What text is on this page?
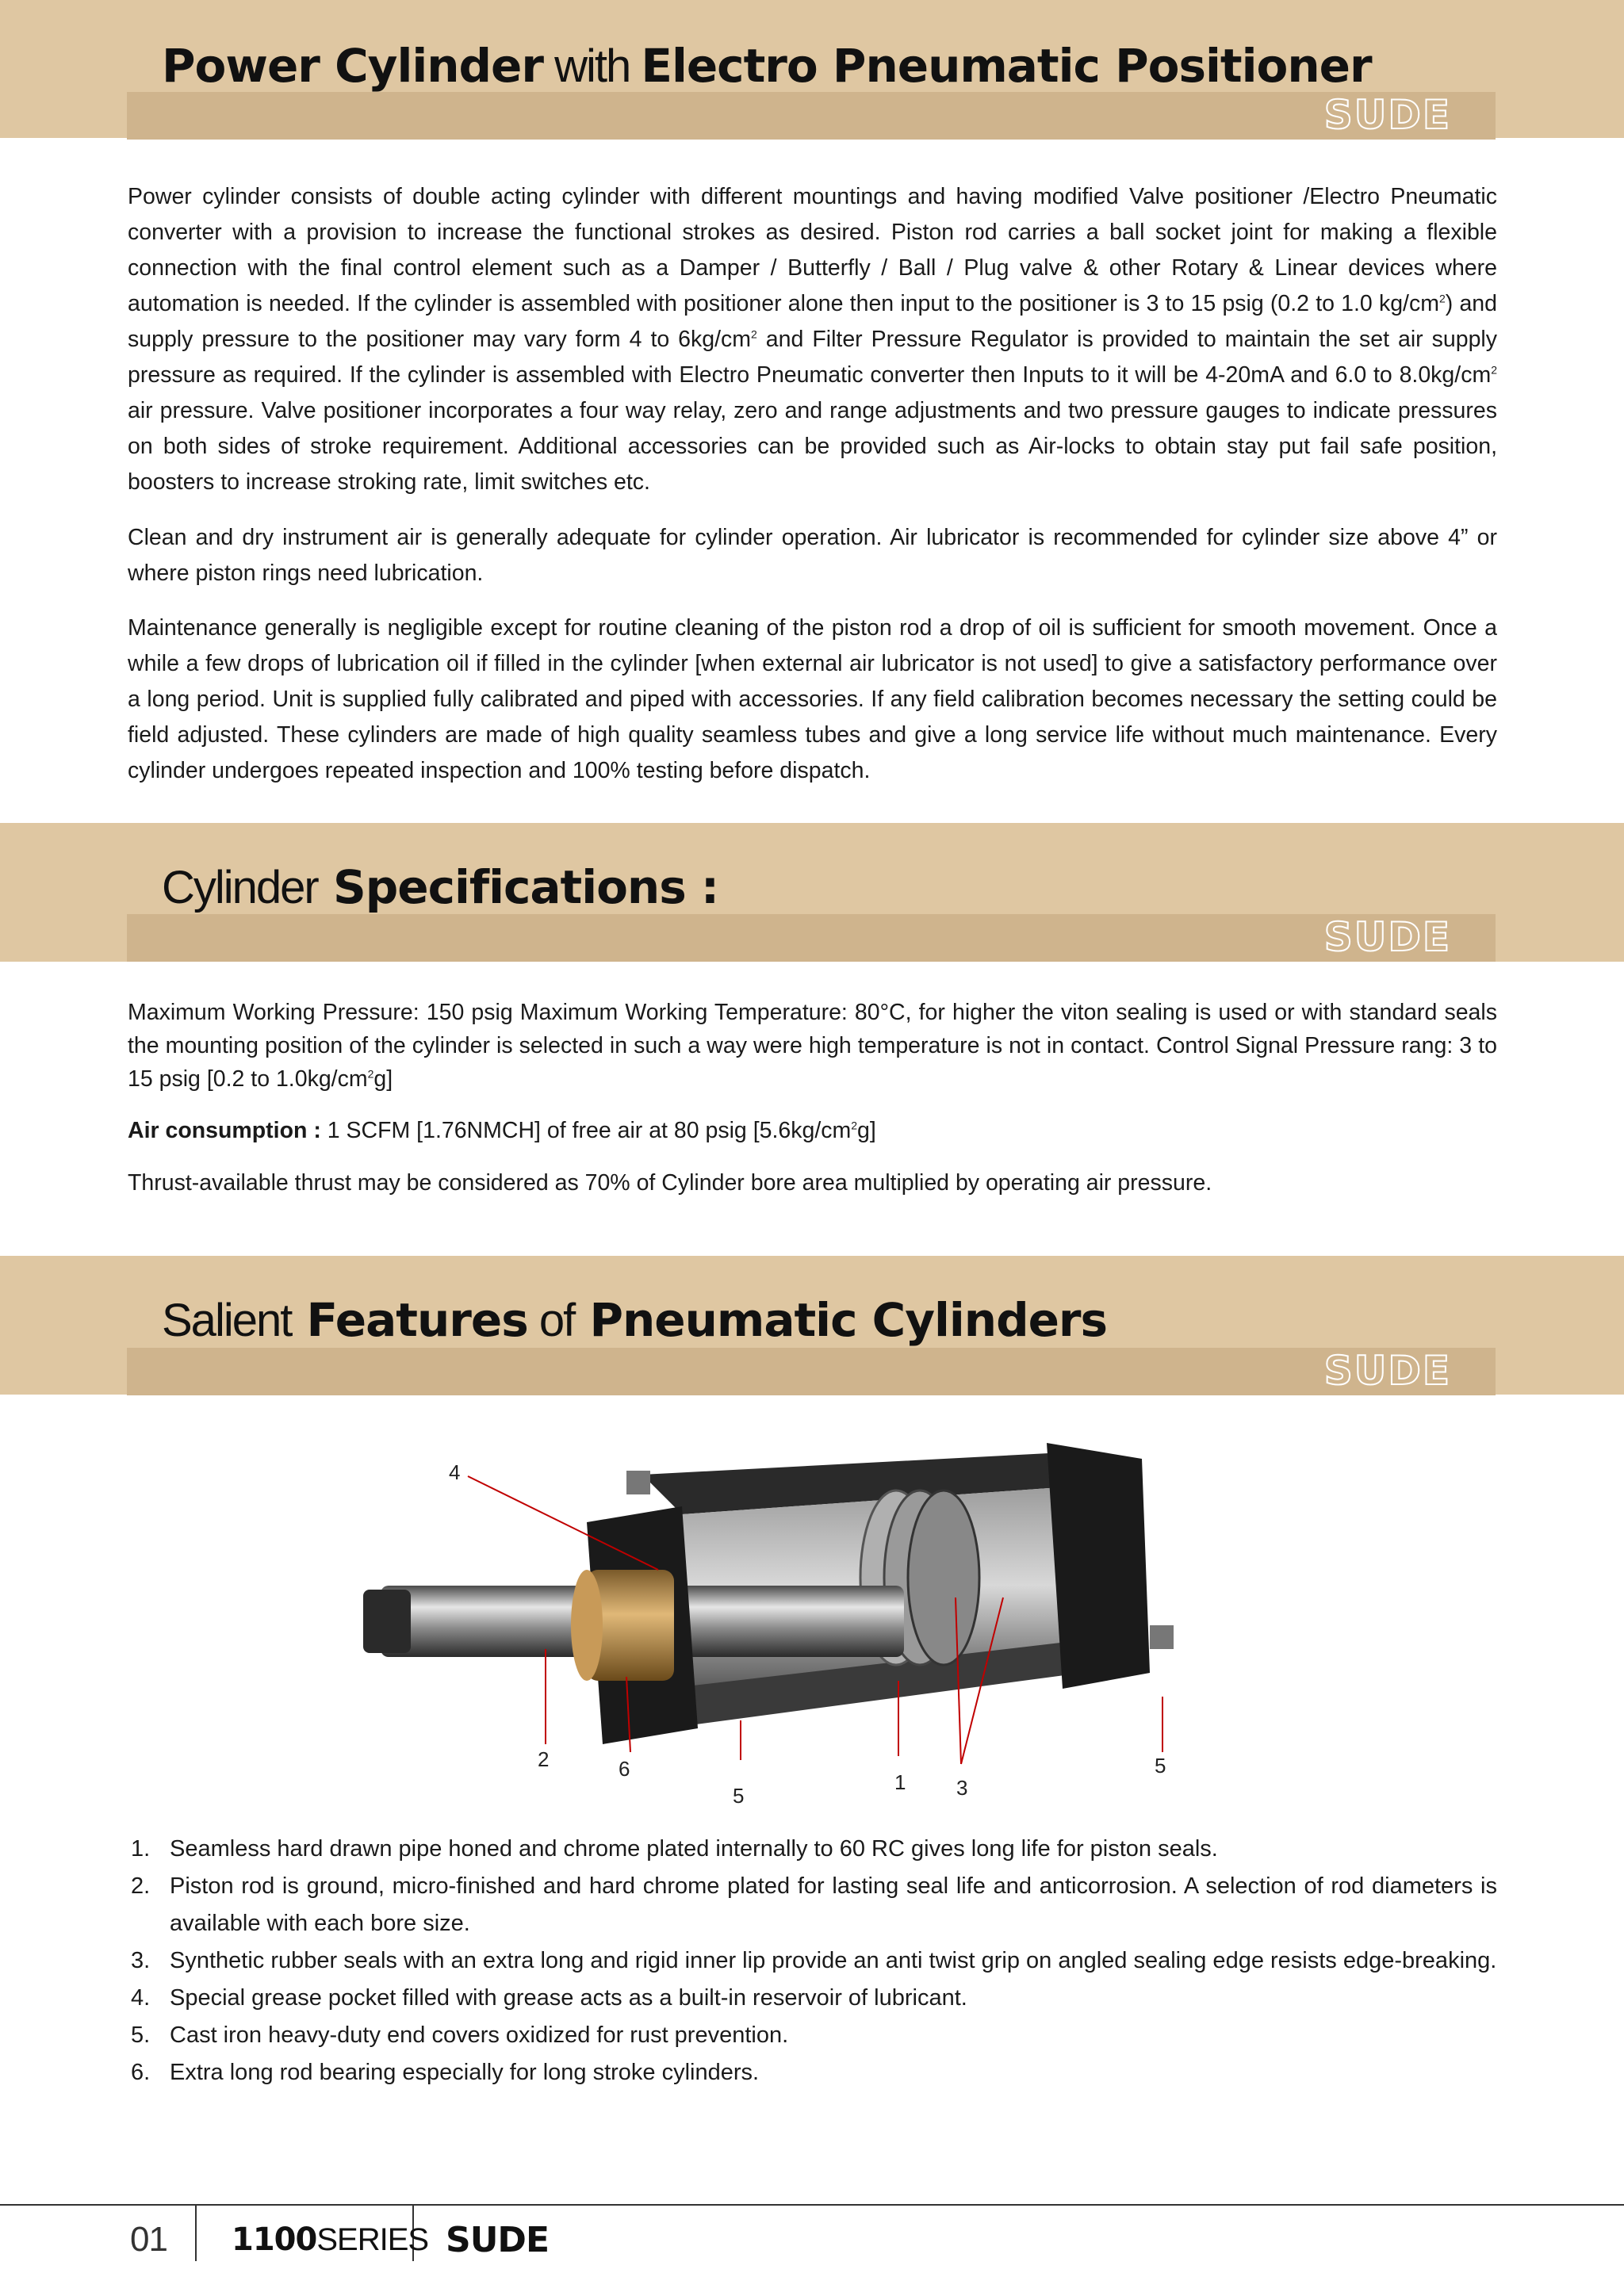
SUDE
Power Cylinder with Electro Pneumatic Positioner

Power cylinder consists of double acting cylinder with different mountings and having modified Valve positioner /Electro Pneumatic converter with a provision to increase the functional strokes as desired. Piston rod carries a ball socket joint for making a flexible connection with the final control element such as a Damper / Butterfly / Ball / Plug valve & other Rotary & Linear devices where automation is needed. If the cylinder is assembled with positioner alone then input to the positioner is 3 to 15 psig (0.2 to 1.0 $kg/cm^2$) and supply pressure to the positioner may vary form 4 to $6kg/cm^2$ and Filter Pressure Regulator is provided to maintain the set air supply pressure as required. If the cylinder is assembled with Electro Pneumatic converter then Inputs to it will be 4-20mA and 6.0 to $8.0kg/cm^2$ air pressure. Valve positioner incorporates a four way relay, zero and range adjustments and two pressure gauges to indicate pressures on both sides of stroke requirement. Additional accessories can be provided such as Air-locks to obtain stay put fail safe position, boosters to increase stroking rate, limit switches etc.

Clean and dry instrument air is generally adequate for cylinder operation. Air lubricator is recommended for cylinder size above 4” or where piston rings need lubrication.

Maintenance generally is negligible except for routine cleaning of the piston rod a drop of oil is sufficient for smooth movement. Once a while a few drops of lubrication oil if filled in the cylinder [when external air lubricator is not used] to give a satisfactory performance over a long period. Unit is supplied fully calibrated and piped with accessories. If any field calibration becomes necessary the setting could be field adjusted. These cylinders are made of high quality seamless tubes and give a long service life without much maintenance. Every cylinder undergoes repeated inspection and 100% testing before dispatch.

SUDE
Cylinder Specifications :

Maximum Working Pressure: 150 psig Maximum Working Temperature: 80°C, for higher the viton sealing is used or with standard seals the mounting position of the cylinder is selected in such a way were high temperature is not in contact. Control Signal Pressure rang: 3 to 15 psig [0.2 to $1.0kg/cm^2g$]

Air consumption : 1 SCFM [1.76NMCH] of free air at 80 psig $[5.6kg/cm^2g]$

Thrust-available thrust may be considered as 70% of Cylinder bore area multiplied by operating air pressure.

SUDE
Salient Features of Pneumatic Cylinders
4
2	6
5
1 3
5
1. Seamless hard drawn pipe honed and chrome plated internally to 60 RC gives long life for piston seals.
2. Piston rod is ground, micro-finished and hard chrome plated for lasting seal life and anticorrosion. A selection of rod diameters is available with each bore size.
3. Synthetic rubber seals with an extra long and rigid inner lip provide an anti twist grip on angled sealing edge resists edge-breaking.
4. Special grease pocket filled with grease acts as a built-in reservoir of lubricant.
5. Cast iron heavy-duty end covers oxidized for rust prevention.
6. Extra long rod bearing especially for long stroke cylinders.
01 1100SERIES SUDE
